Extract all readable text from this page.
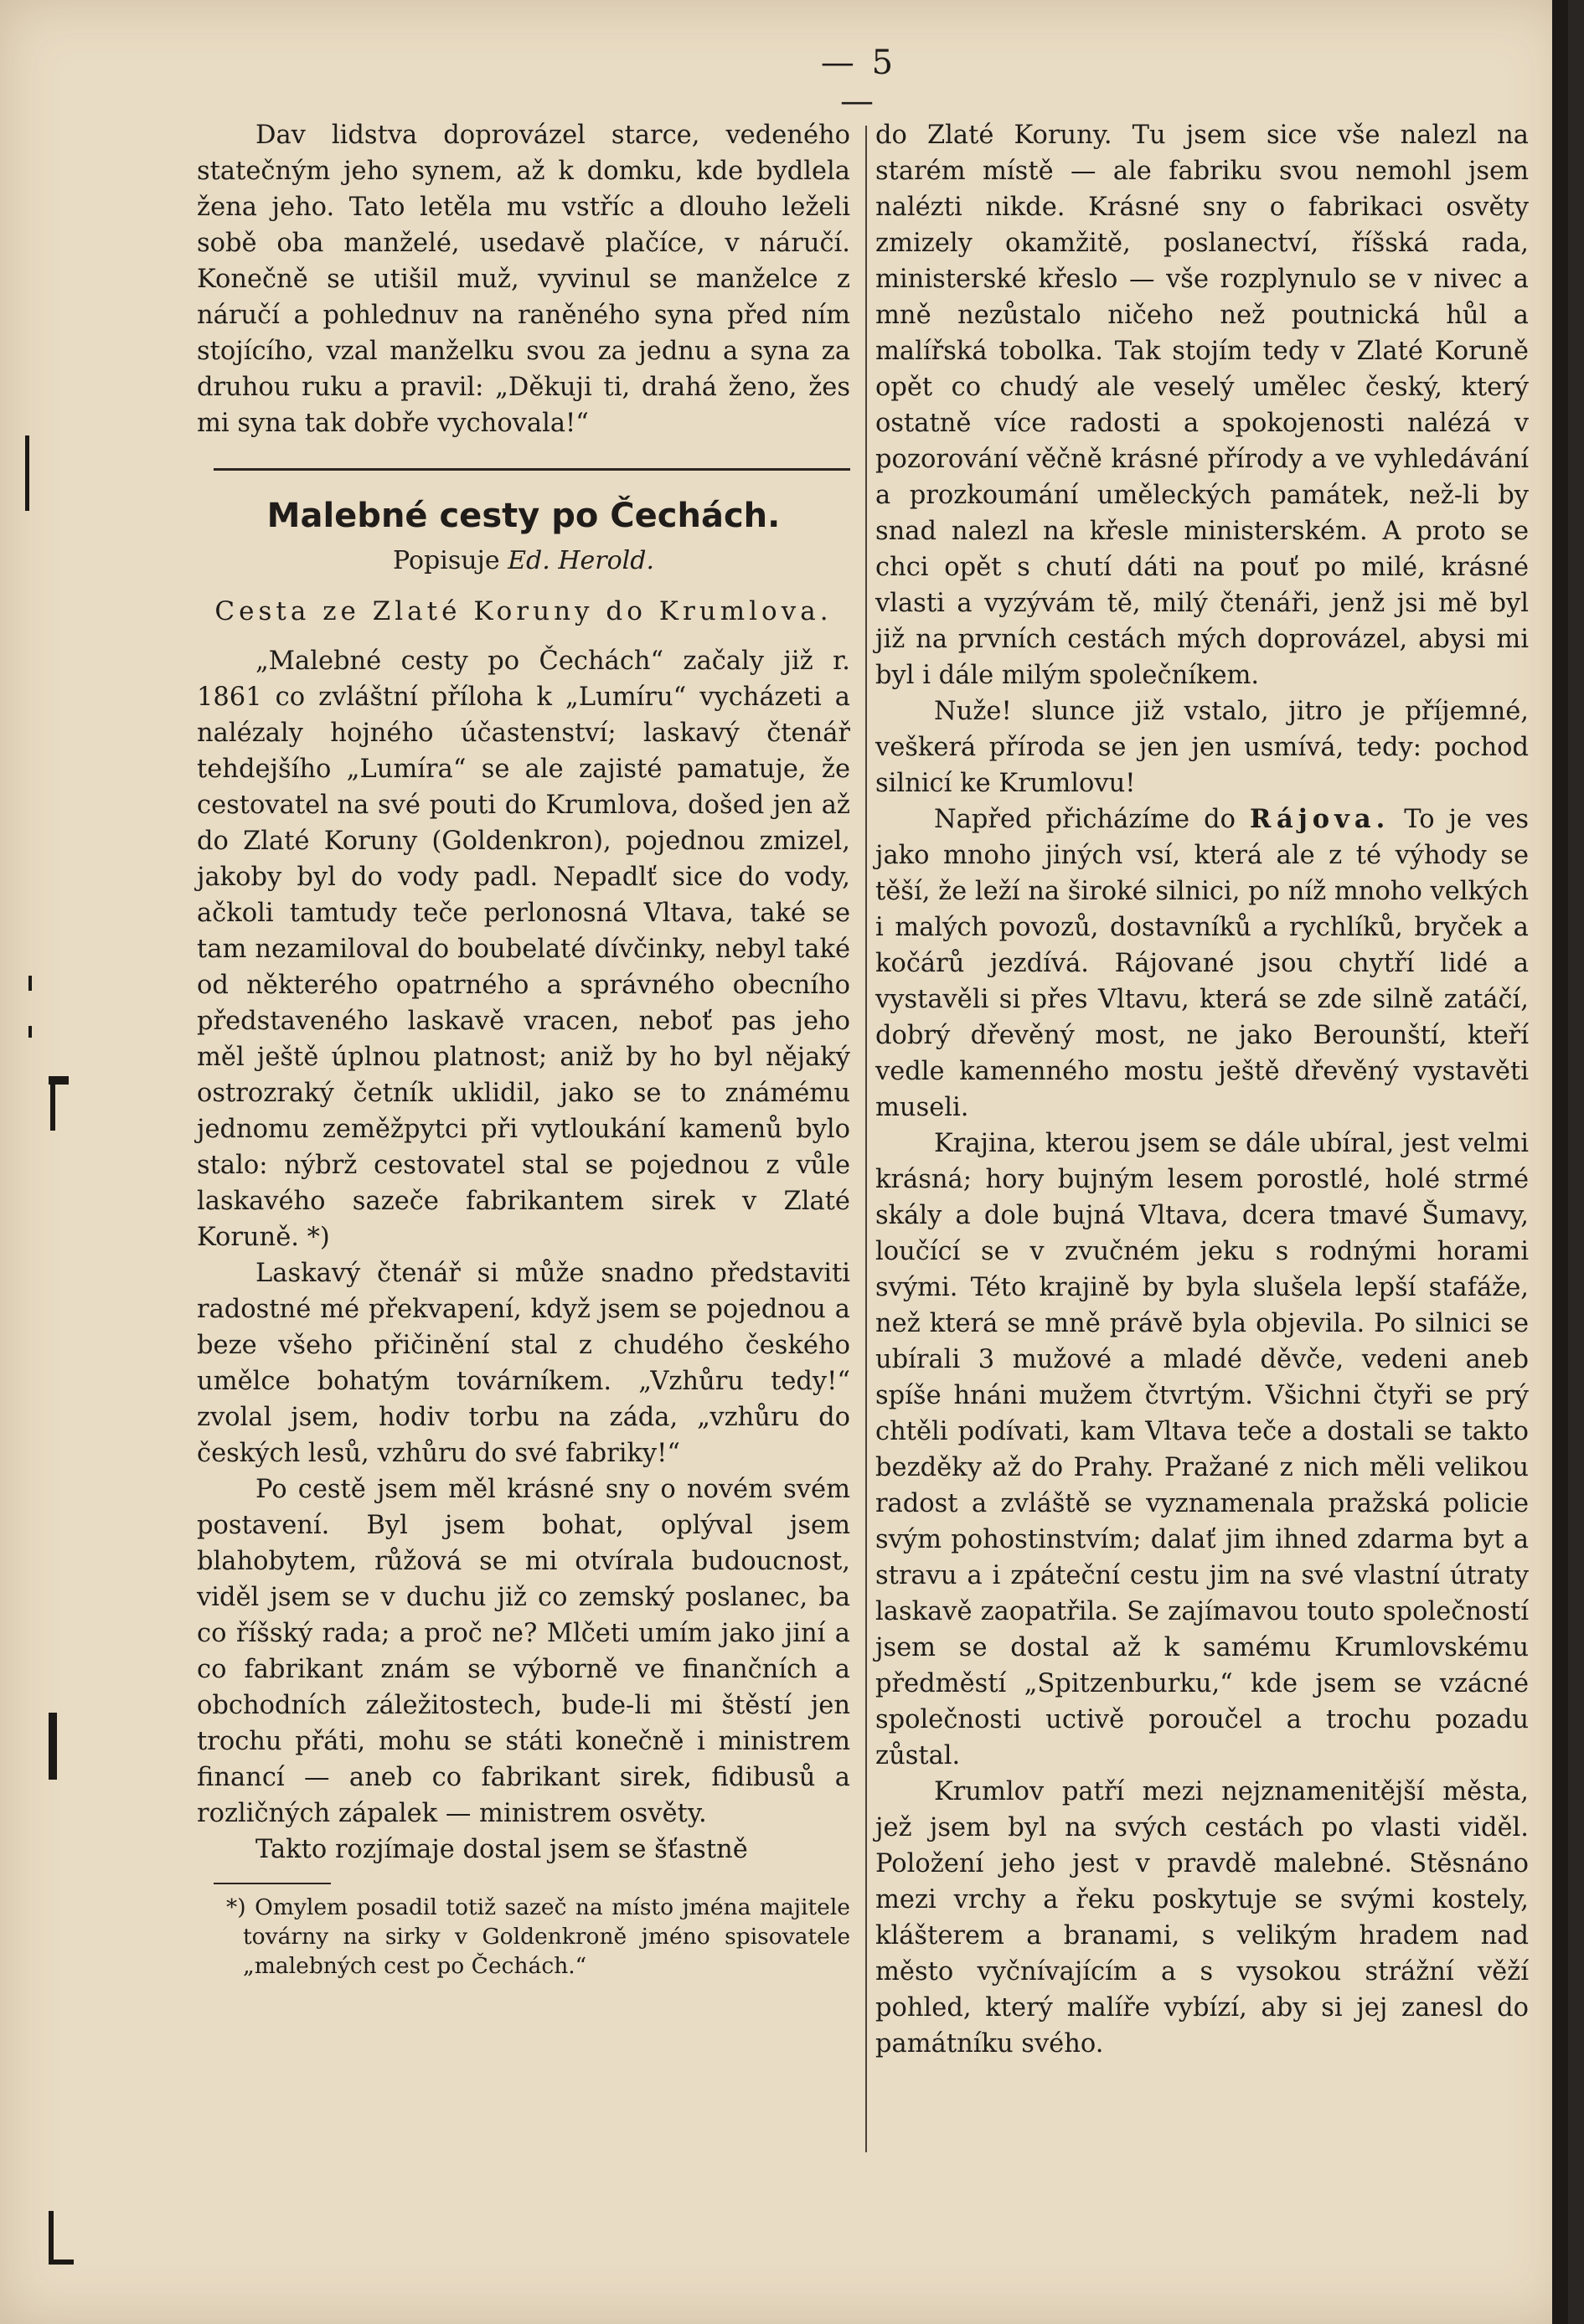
— 5 —

Dav lidstva doprovázel starce, vedeného statečným jeho synem, až k domku, kde bydlela žena jeho. Tato letěla mu vstříc a dlouho leželi sobě oba manželé, usedavě plačíce, v náručí. Konečně se utišil muž, vyvinul se manželce z náručí a pohlednuv na raněného syna před ním stojícího, vzal manželku svou za jednu a syna za druhou ruku a pravil: „Děkuji ti, drahá ženo, žes mi syna tak dobře vychovala!“

Malebné cesty po Čechách.
Popisuje Ed. Herold.
Cesta ze Zlaté Koruny do Krumlova.

„Malebné cesty po Čechách“ začaly již r. 1861 co zvláštní příloha k „Lumíru“ vycházeti a nalézaly hojného účastenství; laskavý čtenář tehdejšího „Lumíra“ se ale zajisté pamatuje, že cestovatel na své pouti do Krumlova, došed jen až do Zlaté Koruny (Goldenkron), pojednou zmizel, jakoby byl do vody padl. Nepadlť sice do vody, ačkoli tamtudy teče perlonosná Vltava, také se tam nezamiloval do boubelaté dívčinky, nebyl také od některého opatrného a správného obecního představeného laskavě vracen, neboť pas jeho měl ještě úplnou platnost; aniž by ho byl nějaký ostrozraký četník uklidil, jako se to známému jednomu zeměžpytci při vytloukání kamenů bylo stalo: nýbrž cestovatel stal se pojednou z vůle laskavého sazeče fabrikantem sirek v Zlaté Koruně. *)

Laskavý čtenář si může snadno představiti radostné mé překvapení, když jsem se pojednou a beze všeho přičinění stal z chudého českého umělce bohatým továrníkem. „Vzhůru tedy!“ zvolal jsem, hodiv torbu na záda, „vzhůru do českých lesů, vzhůru do své fabriky!“

Po cestě jsem měl krásné sny o novém svém postavení. Byl jsem bohat, oplýval jsem blahobytem, růžová se mi otvírala budoucnost, viděl jsem se v duchu již co zemský poslanec, ba co říšský rada; a proč ne? Mlčeti umím jako jiní a co fabrikant znám se výborně ve finančních a obchodních záležitostech, bude-li mi štěstí jen trochu přáti, mohu se státi konečně i ministrem financí — aneb co fabrikant sirek, fidibusů a rozličných zápalek — ministrem osvěty.

Takto rozjímaje dostal jsem se šťastně

*) Omylem posadil totiž sazeč na místo jména majitele továrny na sirky v Goldenkroně jméno spisovatele „malebných cest po Čechách.“

do Zlaté Koruny. Tu jsem sice vše nalezl na starém místě — ale fabriku svou nemohl jsem nalézti nikde. Krásné sny o fabrikaci osvěty zmizely okamžitě, poslanectví, říšská rada, ministerské křeslo — vše rozplynulo se v nivec a mně nezůstalo ničeho než poutnická hůl a malířská tobolka. Tak stojím tedy v Zlaté Koruně opět co chudý ale veselý umělec český, který ostatně více radosti a spokojenosti nalézá v pozorování věčně krásné přírody a ve vyhledávání a prozkoumání uměleckých památek, než-li by snad nalezl na křesle ministerském. A proto se chci opět s chutí dáti na pouť po milé, krásné vlasti a vyzývám tě, milý čtenáři, jenž jsi mě byl již na prvních cestách mých doprovázel, abysi mi byl i dále milým společníkem.

Nuže! slunce již vstalo, jitro je příjemné, veškerá příroda se jen jen usmívá, tedy: pochod silnicí ke Krumlovu!

Napřed přicházíme do Rájova. To je ves jako mnoho jiných vsí, která ale z té výhody se těší, že leží na široké silnici, po níž mnoho velkých i malých povozů, dostavníků a rychlíků, bryček a kočárů jezdívá. Rájované jsou chytří lidé a vystavěli si přes Vltavu, která se zde silně zatáčí, dobrý dřevěný most, ne jako Berounští, kteří vedle kamenného mostu ještě dřevěný vystavěti museli.

Krajina, kterou jsem se dále ubíral, jest velmi krásná; hory bujným lesem porostlé, holé strmé skály a dole bujná Vltava, dcera tmavé Šumavy, loučící se v zvučném jeku s rodnými horami svými. Této krajině by byla slušela lepší stafáže, než která se mně právě byla objevila. Po silnici se ubírali 3 mužové a mladé děvče, vedeni aneb spíše hnáni mužem čtvrtým. Všichni čtyři se prý chtěli podívati, kam Vltava teče a dostali se takto bezděky až do Prahy. Pražané z nich měli velikou radost a zvláště se vyznamenala pražská policie svým pohostinstvím; dalať jim ihned zdarma byt a stravu a i zpáteční cestu jim na své vlastní útraty laskavě zaopatřila. Se zajímavou touto společností jsem se dostal až k samému Krumlovskému předměstí „Spitzenburku,“ kde jsem se vzácné společnosti uctivě poroučel a trochu pozadu zůstal.

Krumlov patří mezi nejznamenitější města, jež jsem byl na svých cestách po vlasti viděl. Položení jeho jest v pravdě malebné. Stěsnáno mezi vrchy a řeku poskytuje se svými kostely, klášterem a branami, s velikým hradem nad město vyčnívajícím a s vysokou strážní věží pohled, který malíře vybízí, aby si jej zanesl do památníku svého.
